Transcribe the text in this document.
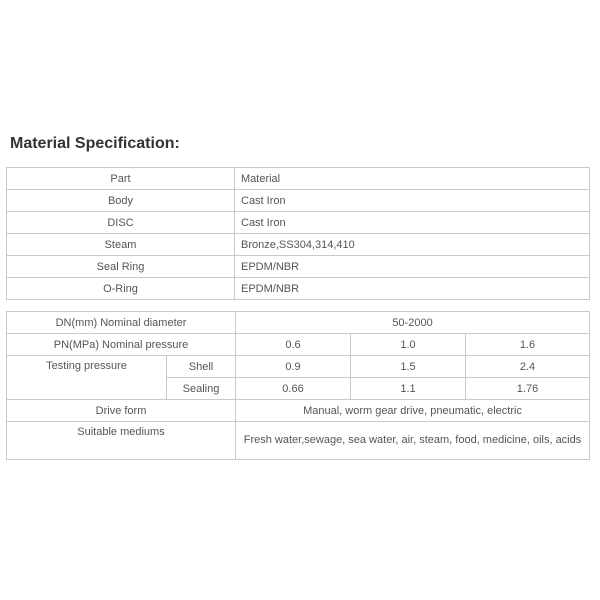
Material Specification:
Part	Material
Body	Cast Iron
DISC	Cast Iron
Steam	Bronze,SS304,314,410
Seal Ring	EPDM/NBR
O-Ring	EPDM/NBR
DN(mm) Nominal diameter		50-2000		
PN(MPa) Nominal pressure		0.6	1.0	1.6
Testing pressure	Shell	0.9	1.5	2.4
	Sealing	0.66	1.1	1.76
Drive form		Manual, worm gear drive, pneumatic, electric		
Suitable mediums		Fresh water,sewage, sea water, air, steam, food, medicine, oils, acids		
